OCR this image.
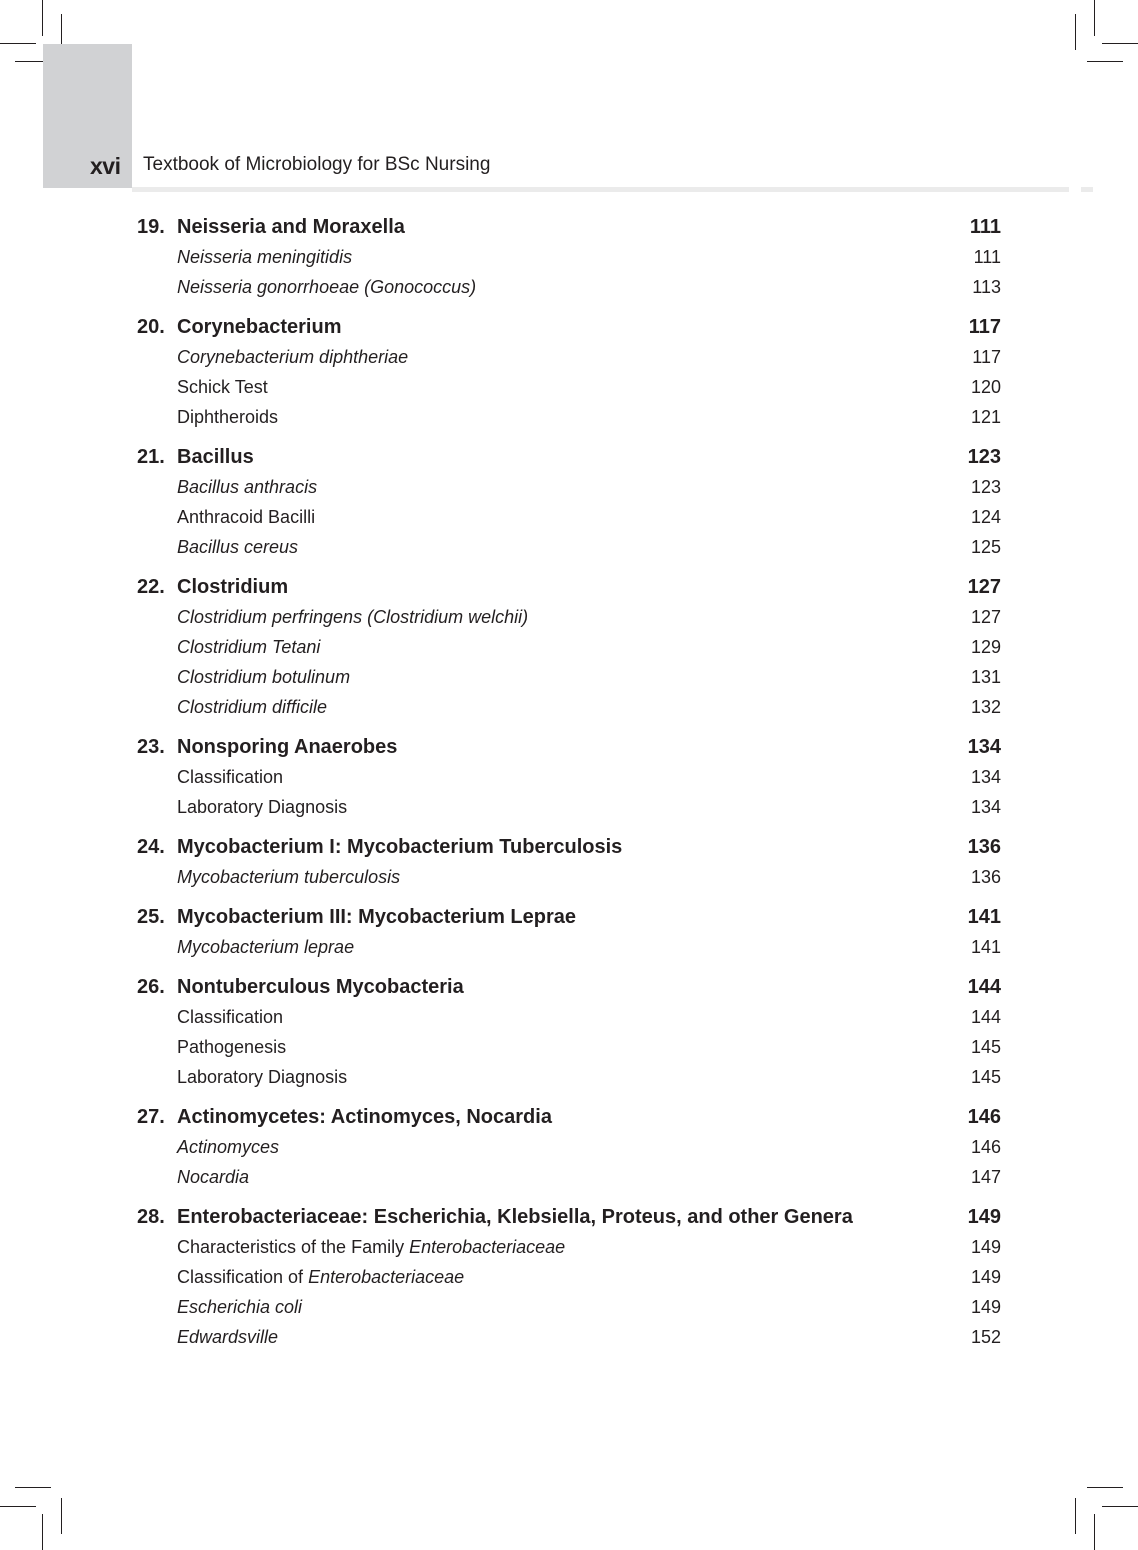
xvi Textbook of Microbiology for BSc Nursing
19. Neisseria and Moraxella	111
Neisseria meningitidis	111
Neisseria gonorrhoeae (Gonococcus)	113
20. Corynebacterium	117
Corynebacterium diphtheriae	117
Schick Test	120
Diphtheroids	121
21. Bacillus	123
Bacillus anthracis	123
Anthracoid Bacilli	124
Bacillus cereus	125
22. Clostridium	127
Clostridium perfringens (Clostridium welchii)	127
Clostridium Tetani	129
Clostridium botulinum	131
Clostridium difficile	132
23. Nonsporing Anaerobes	134
Classification	134
Laboratory Diagnosis	134
24. Mycobacterium I: Mycobacterium Tuberculosis	136
Mycobacterium tuberculosis	136
25. Mycobacterium III: Mycobacterium Leprae	141
Mycobacterium leprae	141
26. Nontuberculous Mycobacteria	144
Classification	144
Pathogenesis	145
Laboratory Diagnosis	145
27. Actinomycetes: Actinomyces, Nocardia	146
Actinomyces	146
Nocardia	147
28. Enterobacteriaceae: Escherichia, Klebsiella, Proteus, and other Genera	149
Characteristics of the Family Enterobacteriaceae	149
Classification of Enterobacteriaceae	149
Escherichia coli	149
Edwardsville	152
